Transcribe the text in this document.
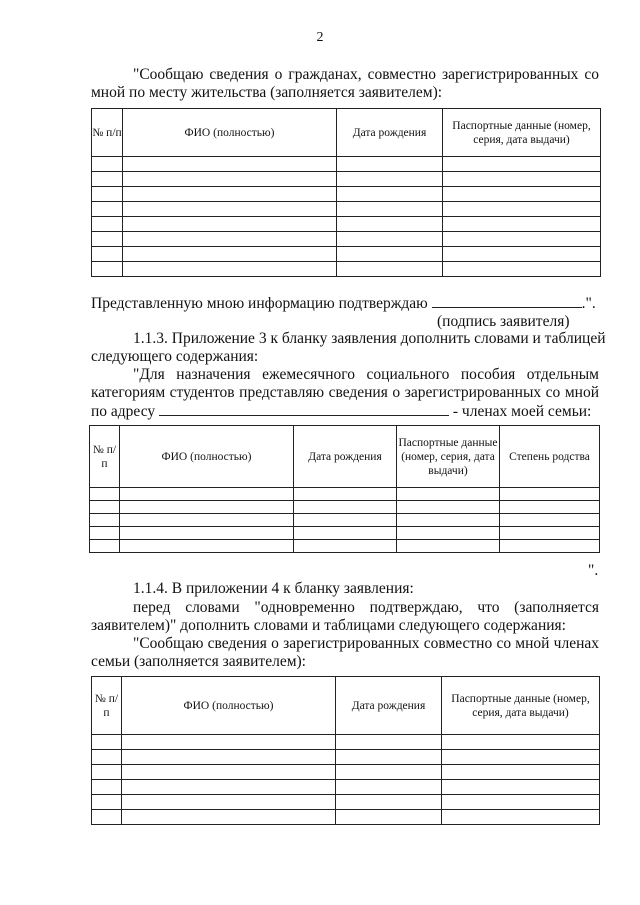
2
"Сообщаю сведения о гражданах, совместно зарегистрированных со
мной по месту жительства (заполняется заявителем):
№ п/п	ФИО (полностью)	Дата рождения	Паспортные данные (номер, серия, дата выдачи)

Представленную мною информацию подтверждаю	.".
(подпись заявителя)
1.1.3. Приложение 3 к бланку заявления дополнить словами и таблицей
следующего содержания:
"Для назначения ежемесячного социального пособия отдельным
категориям студентов представляю сведения о зарегистрированных со мной
по адресу	- членах моей семьи:
№ п/п	ФИО (полностью)	Дата рождения	Паспортные данные (номер, серия, дата выдачи)	Степень родства

".
1.1.4. В приложении 4 к бланку заявления:
перед словами "одновременно подтверждаю, что (заполняется
заявителем)" дополнить словами и таблицами следующего содержания:
"Сообщаю сведения о зарегистрированных совместно со мной членах
семьи (заполняется заявителем):
№ п/п	ФИО (полностью)	Дата рождения	Паспортные данные (номер, серия, дата выдачи)
